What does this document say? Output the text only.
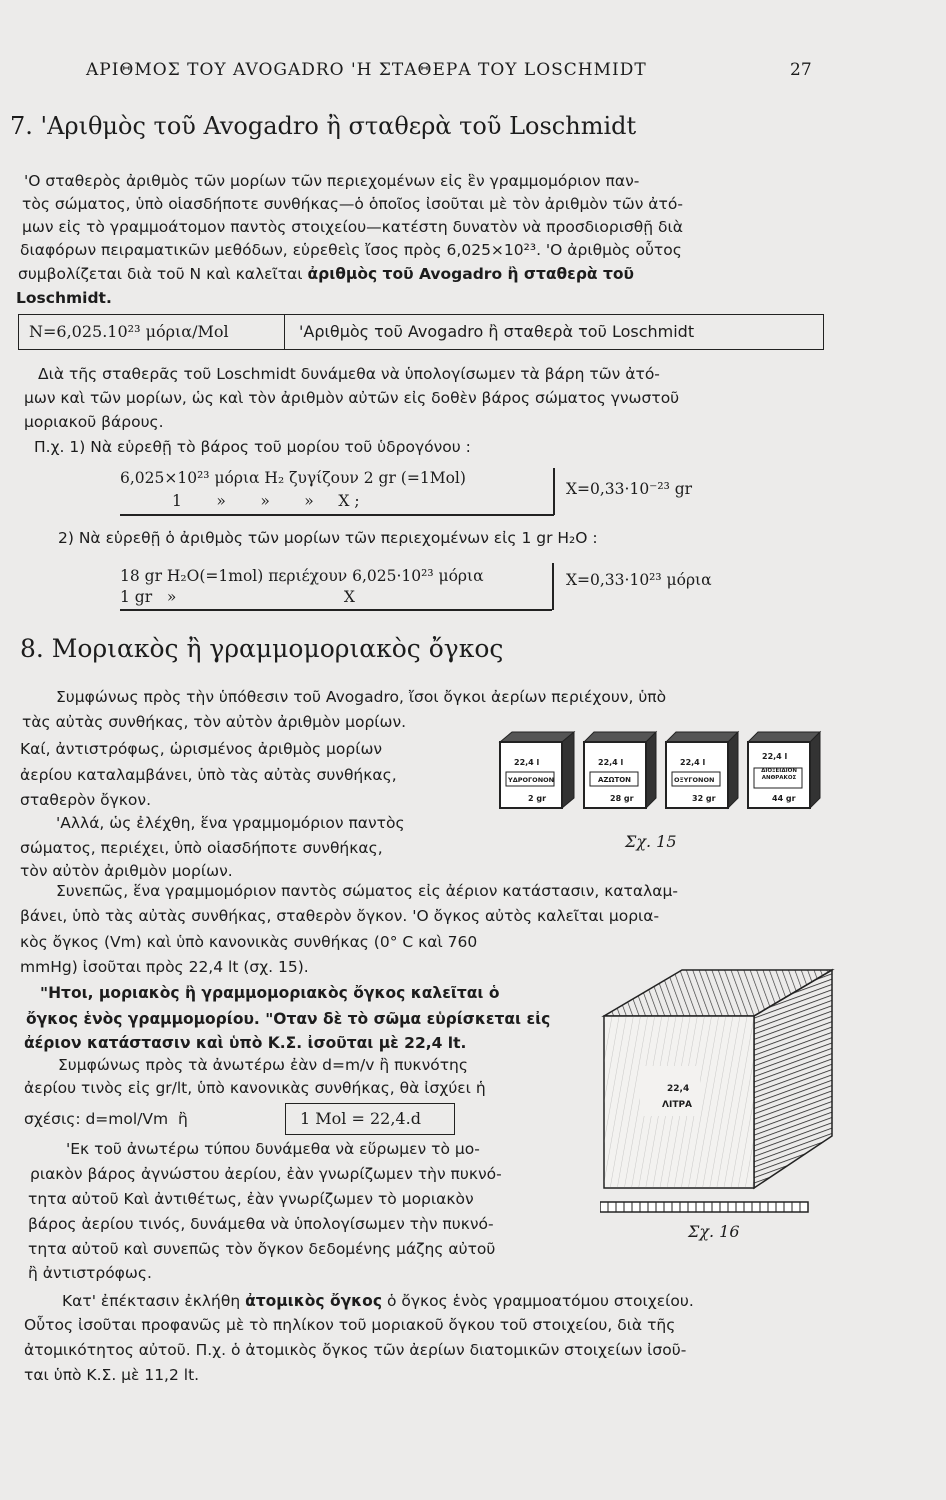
ΑΡΙΘΜΟΣ ΤΟΥ AVOGADRO 'Η ΣΤΑΘΕΡΑ ΤΟΥ LOSCHMIDT	27
7. 'Αριθμὸς τοῦ Avogadro ἢ σταθερὰ τοῦ Loschmidt
'Ο σταθερὸς ἀριθμὸς τῶν μορίων τῶν περιεχομένων εἰς ἓν γραμμομόριον παν-
τὸς σώματος, ὑπὸ οἱασδήποτε συνθήκας—ὁ ὁποῖος ἰσοῦται μὲ τὸν ἀριθμὸν τῶν ἀτό-
μων εἰς τὸ γραμμοάτομον παντὸς στοιχείου—κατέστη δυνατὸν νὰ προσδιορισθῇ διὰ
διαφόρων πειραματικῶν μεθόδων, εὑρεθεὶς ἴσος πρὸς 6,025×10²³. 'Ο ἀριθμὸς οὗτος
συμβολίζεται διὰ τοῦ N καὶ καλεῖται ἀριθμὸς τοῦ Avogadro ἢ σταθερὰ τοῦ
Loschmidt.
N=6,025.10²³ μόρια/Mol	'Αριθμὸς τοῦ Avogadro ἢ σταθερὰ τοῦ Loschmidt
Διὰ τῆς σταθερᾶς τοῦ Loschmidt δυνάμεθα νὰ ὑπολογίσωμεν τὰ βάρη τῶν ἀτό-
μων καὶ τῶν μορίων, ὡς καὶ τὸν ἀριθμὸν αὐτῶν εἰς δοθὲν βάρος σώματος γνωστοῦ
μοριακοῦ βάρους.
Π.χ. 1) Νὰ εὑρεθῇ τὸ βάρος τοῦ μορίου τοῦ ὑδρογόνου :
6,025×10²³ μόρια H₂ ζυγίζουν 2 gr (=1Mol)
1       »       »       »     X ;
X=0,33·10⁻²³ gr
2) Νὰ εὑρεθῇ ὁ ἀριθμὸς τῶν μορίων τῶν περιεχομένων εἰς 1 gr H₂O :
18 gr H₂O(=1mol) περιέχουν 6,025·10²³ μόρια
1 gr   »                                  X
X=0,33·10²³ μόρια
8. Μοριακὸς ἢ γραμμομοριακὸς ὄγκος
Συμφώνως πρὸς τὴν ὑπόθεσιν τοῦ Avogadro, ἴσοι ὄγκοι ἀερίων περιέχουν, ὑπὸ
τὰς αὐτὰς συνθήκας, τὸν αὐτὸν ἀριθμὸν μορίων.
Καί, ἀντιστρόφως, ὡρισμένος ἀριθμὸς μορίων
ἀερίου καταλαμβάνει, ὑπὸ τὰς αὐτὰς συνθήκας,
σταθερὸν ὄγκον.
'Αλλά, ὡς ἐλέχθη, ἕνα γραμμομόριον παντὸς
σώματος, περιέχει, ὑπὸ οἱασδήποτε συνθήκας,
τὸν αὐτὸν ἀριθμὸν μορίων.
Συνεπῶς, ἕνα γραμμομόριον παντὸς σώματος εἰς ἀέριον κατάστασιν, καταλαμ-
βάνει, ὑπὸ τὰς αὐτὰς συνθήκας, σταθερὸν ὄγκον. 'Ο ὄγκος αὐτὸς καλεῖται μορια-
κὸς ὄγκος (Vm) καὶ ὑπὸ κανονικὰς συνθήκας (0° C καὶ 760
mmHg) ἰσοῦται πρὸς 22,4 lt (σχ. 15).
"Ητοι, μοριακὸς ἢ γραμμομοριακὸς ὄγκος καλεῖται ὁ
ὄγκος ἑνὸς γραμμομορίου. "Οταν δὲ τὸ σῶμα εὑρίσκεται εἰς
ἀέριον κατάστασιν καὶ ὑπὸ Κ.Σ. ἰσοῦται μὲ 22,4 lt.
Συμφώνως πρὸς τὰ ἀνωτέρω ἐὰν d=m/v ἢ πυκνότης
ἀερίου τινὸς εἰς gr/lt, ὑπὸ κανονικὰς συνθήκας, θὰ ἰσχύει ἡ
σχέσις: d=mol/Vm  ἢ	1 Mol = 22,4.d
'Εκ τοῦ ἀνωτέρω τύπου δυνάμεθα νὰ εὕρωμεν τὸ μο-
ριακὸν βάρος ἀγνώστου ἀερίου, ἐὰν γνωρίζωμεν τὴν πυκνό-
τητα αὐτοῦ Καὶ ἀντιθέτως, ἐὰν γνωρίζωμεν τὸ μοριακὸν
βάρος ἀερίου τινός, δυνάμεθα νὰ ὑπολογίσωμεν τὴν πυκνό-
τητα αὐτοῦ καὶ συνεπῶς τὸν ὄγκον δεδομένης μάζης αὐτοῦ
ἢ ἀντιστρόφως.
Κατ' ἐπέκτασιν ἐκλήθη ἀτομικὸς ὄγκος ὁ ὄγκος ἑνὸς γραμμοατόμου στοιχείου.
Οὗτος ἰσοῦται προφανῶς μὲ τὸ πηλίκον τοῦ μοριακοῦ ὄγκου τοῦ στοιχείου, διὰ τῆς
ἀτομικότητος αὐτοῦ. Π.χ. ὁ ἀτομικὸς ὄγκος τῶν ἀερίων διατομικῶν στοιχείων ἰσοῦ-
ται ὑπὸ Κ.Σ. μὲ 11,2 lt.
22,4 l
ΥΔΡΟΓΟΝΟΝ
2 gr
22,4 l
ΑΖΩΤΟΝ
28 gr
22,4 l
ΟΞΥΓΟΝΟΝ
32 gr
22,4 l
ΔΙΟΞΕΙΔΙΟΝ ΑΝΘΡΑΚΟΣ
44 gr
Σχ. 15
22,4
ΛΙΤΡΑ
Σχ. 16
